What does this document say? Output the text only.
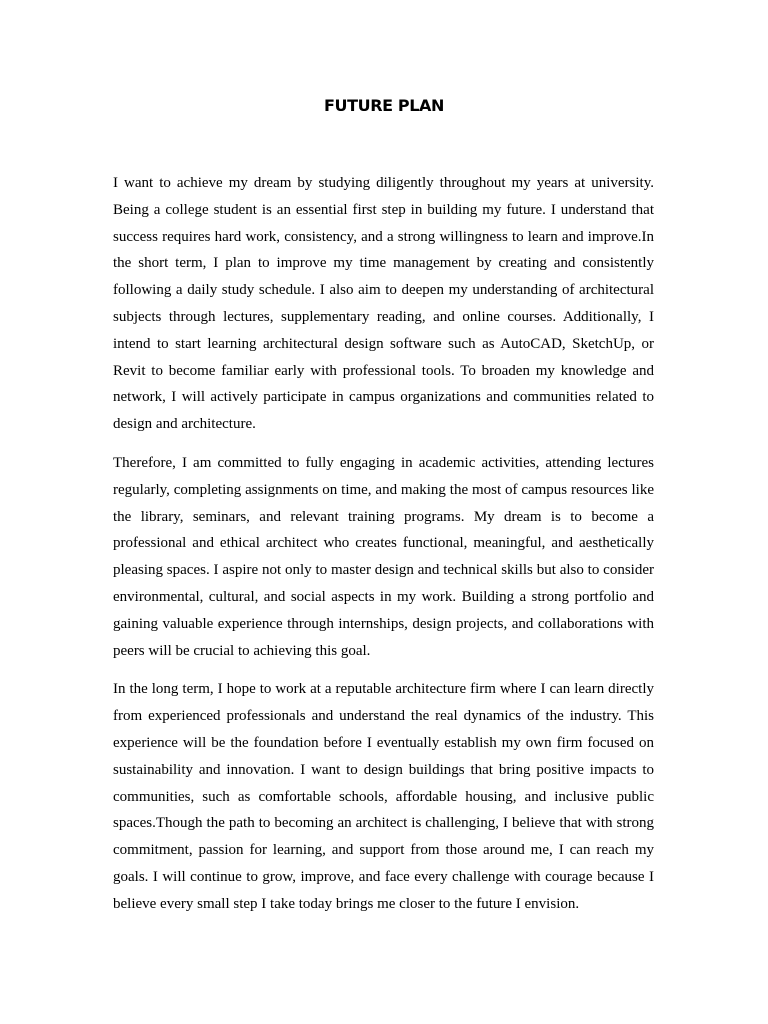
FUTURE PLAN

I want to achieve my dream by studying diligently throughout my years at university. Being a college student is an essential first step in building my future. I understand that success requires hard work, consistency, and a strong willingness to learn and improve.In the short term, I plan to improve my time management by creating and consistently following a daily study schedule. I also aim to deepen my understanding of architectural subjects through lectures, supplementary reading, and online courses. Additionally, I intend to start learning architectural design software such as AutoCAD, SketchUp, or Revit to become familiar early with professional tools. To broaden my knowledge and network, I will actively participate in campus organizations and communities related to design and architecture.

Therefore, I am committed to fully engaging in academic activities, attending lectures regularly, completing assignments on time, and making the most of campus resources like the library, seminars, and relevant training programs. My dream is to become a professional and ethical architect who creates functional, meaningful, and aesthetically pleasing spaces. I aspire not only to master design and technical skills but also to consider environmental, cultural, and social aspects in my work. Building a strong portfolio and gaining valuable experience through internships, design projects, and collaborations with peers will be crucial to achieving this goal.

In the long term, I hope to work at a reputable architecture firm where I can learn directly from experienced professionals and understand the real dynamics of the industry. This experience will be the foundation before I eventually establish my own firm focused on sustainability and innovation. I want to design buildings that bring positive impacts to communities, such as comfortable schools, affordable housing, and inclusive public spaces.Though the path to becoming an architect is challenging, I believe that with strong commitment, passion for learning, and support from those around me, I can reach my goals. I will continue to grow, improve, and face every challenge with courage because I believe every small step I take today brings me closer to the future I envision.
